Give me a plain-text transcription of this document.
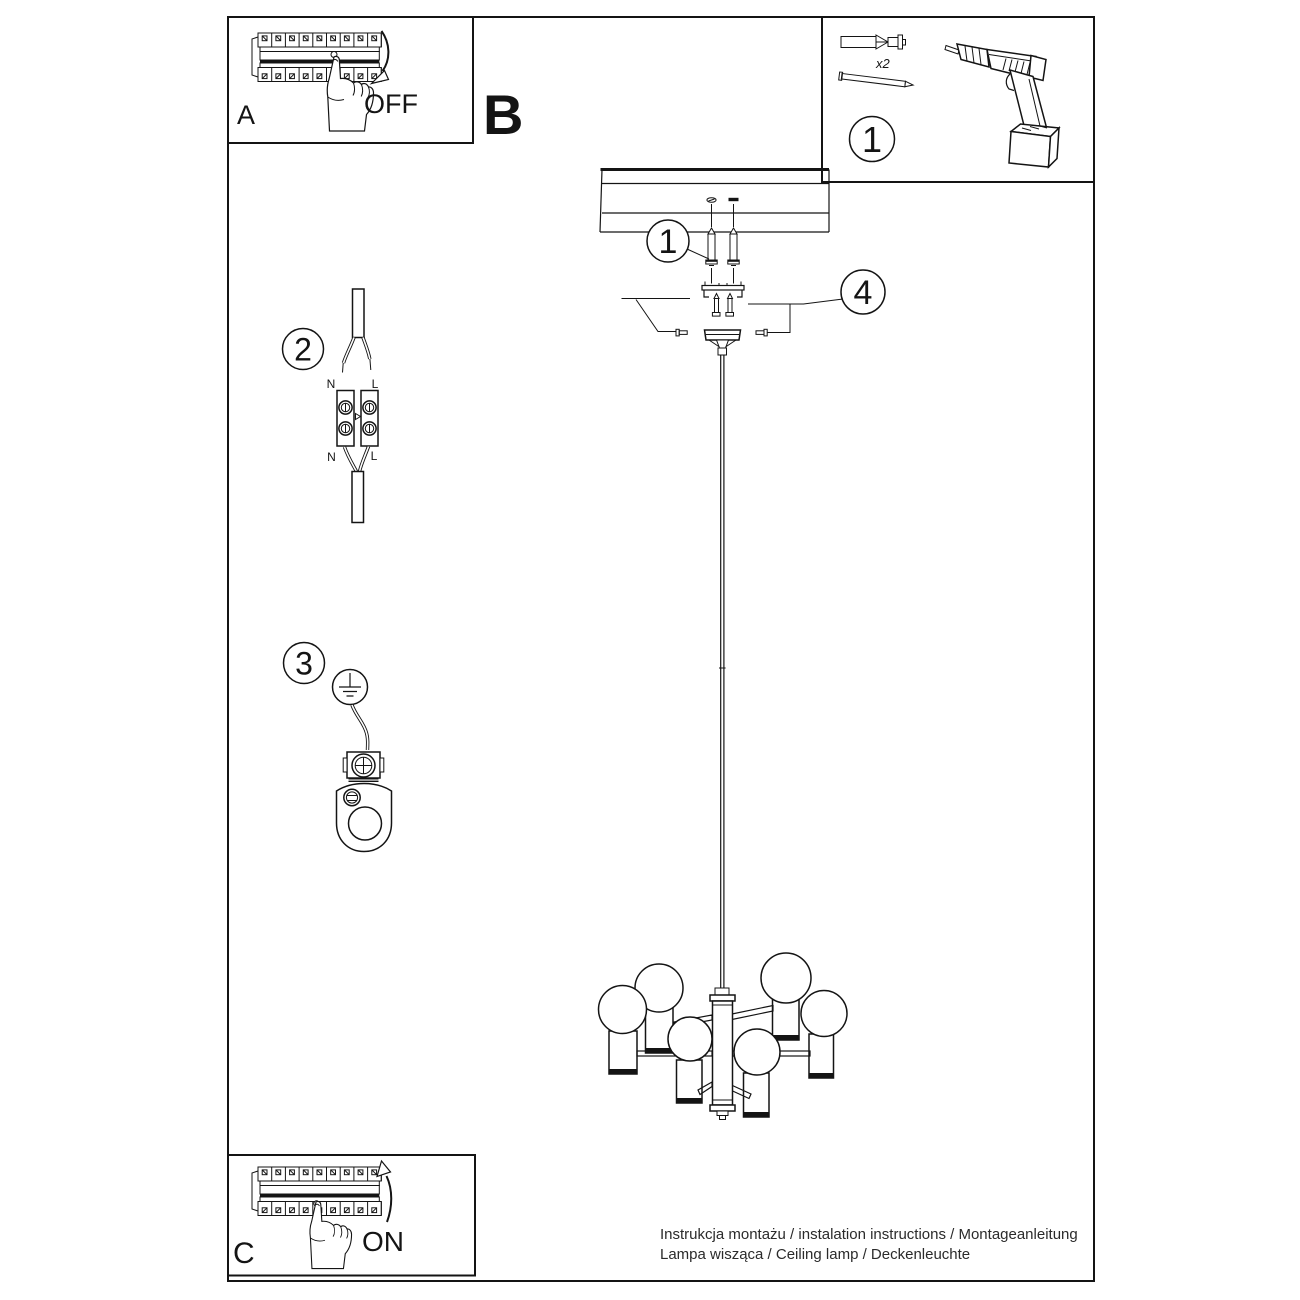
A	OFF B
x2
1
1
4
2
N	L
N	L
3
C	ON	Instrukcja montażu / instalation instructions / Montageanleitung
Lampa wisząca / Ceiling lamp / Deckenleuchte
